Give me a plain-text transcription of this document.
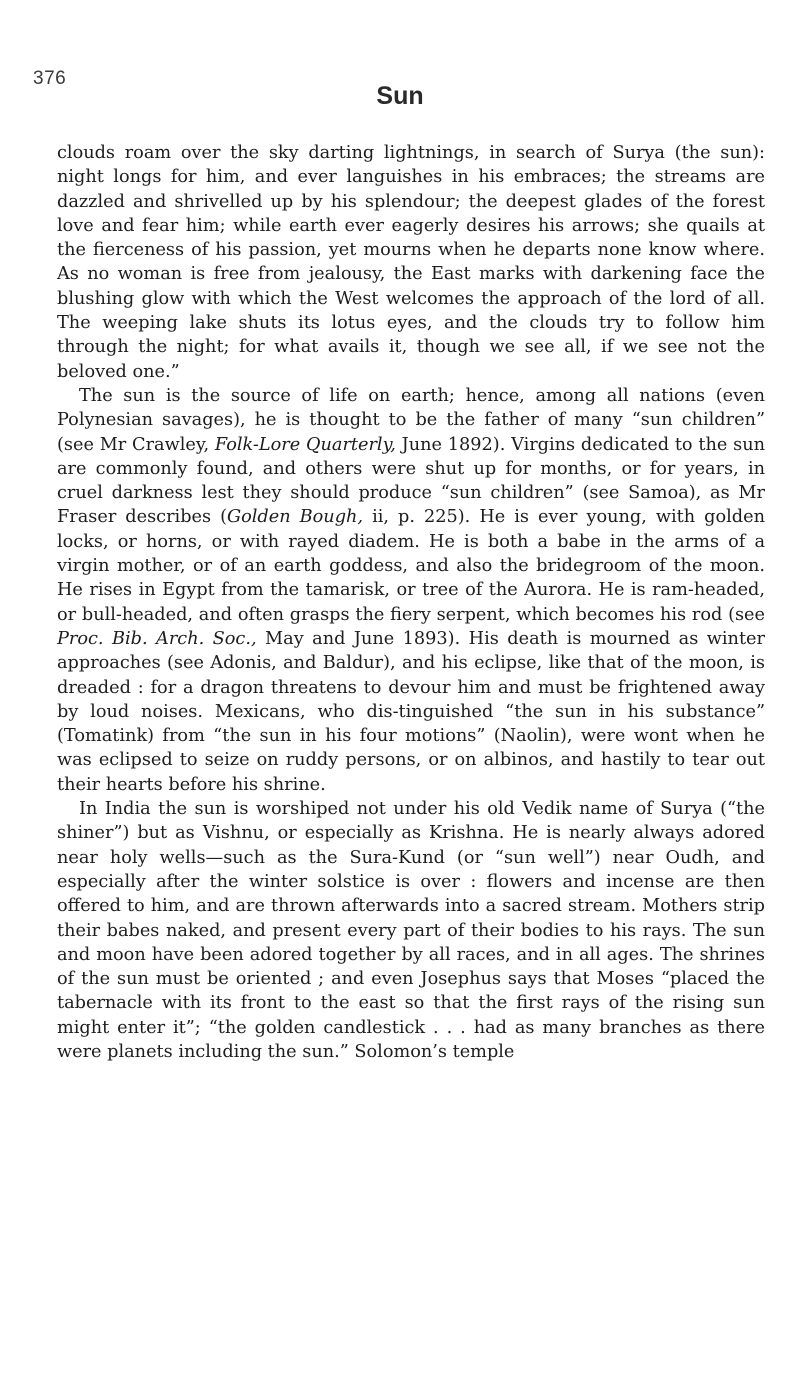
376
Sun

clouds roam over the sky darting lightnings, in search of Surya (the sun): night longs for him, and ever languishes in his embraces; the streams are dazzled and shrivelled up by his splendour; the deepest glades of the forest love and fear him; while earth ever eagerly desires his arrows; she quails at the fierceness of his passion, yet mourns when he departs none know where. As no woman is free from jealousy, the East marks with darkening face the blushing glow with which the West welcomes the approach of the lord of all. The weeping lake shuts its lotus eyes, and the clouds try to follow him through the night; for what avails it, though we see all, if we see not the beloved one.”

The sun is the source of life on earth; hence, among all nations (even Polynesian savages), he is thought to be the father of many “sun children” (see Mr Crawley, Folk-Lore Quarterly, June 1892). Virgins dedicated to the sun are commonly found, and others were shut up for months, or for years, in cruel darkness lest they should produce “sun children” (see Samoa), as Mr Fraser describes (Golden Bough, ii, p. 225). He is ever young, with golden locks, or horns, or with rayed diadem. He is both a babe in the arms of a virgin mother, or of an earth goddess, and also the bridegroom of the moon. He rises in Egypt from the tamarisk, or tree of the Aurora. He is ram-headed, or bull-headed, and often grasps the fiery serpent, which becomes his rod (see Proc. Bib. Arch. Soc., May and June 1893). His death is mourned as winter approaches (see Adonis, and Baldur), and his eclipse, like that of the moon, is dreaded : for a dragon threatens to devour him and must be frightened away by loud noises. Mexicans, who dis-tinguished “the sun in his substance” (Tomatink) from “the sun in his four motions” (Naolin), were wont when he was eclipsed to seize on ruddy persons, or on albinos, and hastily to tear out their hearts before his shrine.

In India the sun is worshiped not under his old Vedik name of Surya (“the shiner”) but as Vishnu, or especially as Krishna. He is nearly always adored near holy wells—such as the Sura-Kund (or “sun well”) near Oudh, and especially after the winter solstice is over : flowers and incense are then offered to him, and are thrown afterwards into a sacred stream. Mothers strip their babes naked, and present every part of their bodies to his rays. The sun and moon have been adored together by all races, and in all ages. The shrines of the sun must be oriented ; and even Josephus says that Moses “placed the tabernacle with its front to the east so that the first rays of the rising sun might enter it”; “the golden candlestick . . . had as many branches as there were planets including the sun.” Solomon’s temple
